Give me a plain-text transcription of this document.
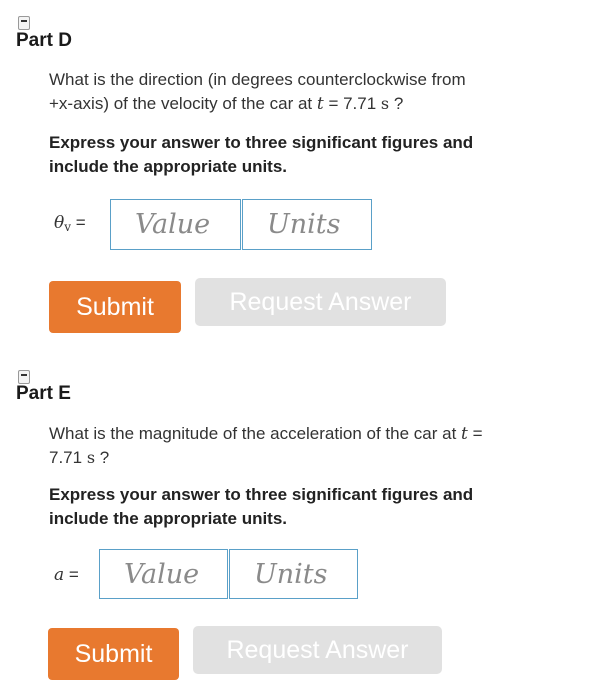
Part D
What is the direction (in degrees counterclockwise from
+x-axis) of the velocity of the car at t = 7.71 s ?
Express your answer to three significant figures and
include the appropriate units.
$\theta_v$ =	Value	Units
Submit	Request Answer
Part E
What is the magnitude of the acceleration of the car at t =
7.71 s ?
Express your answer to three significant figures and
include the appropriate units.
a =	Value	Units
Submit	Request Answer
